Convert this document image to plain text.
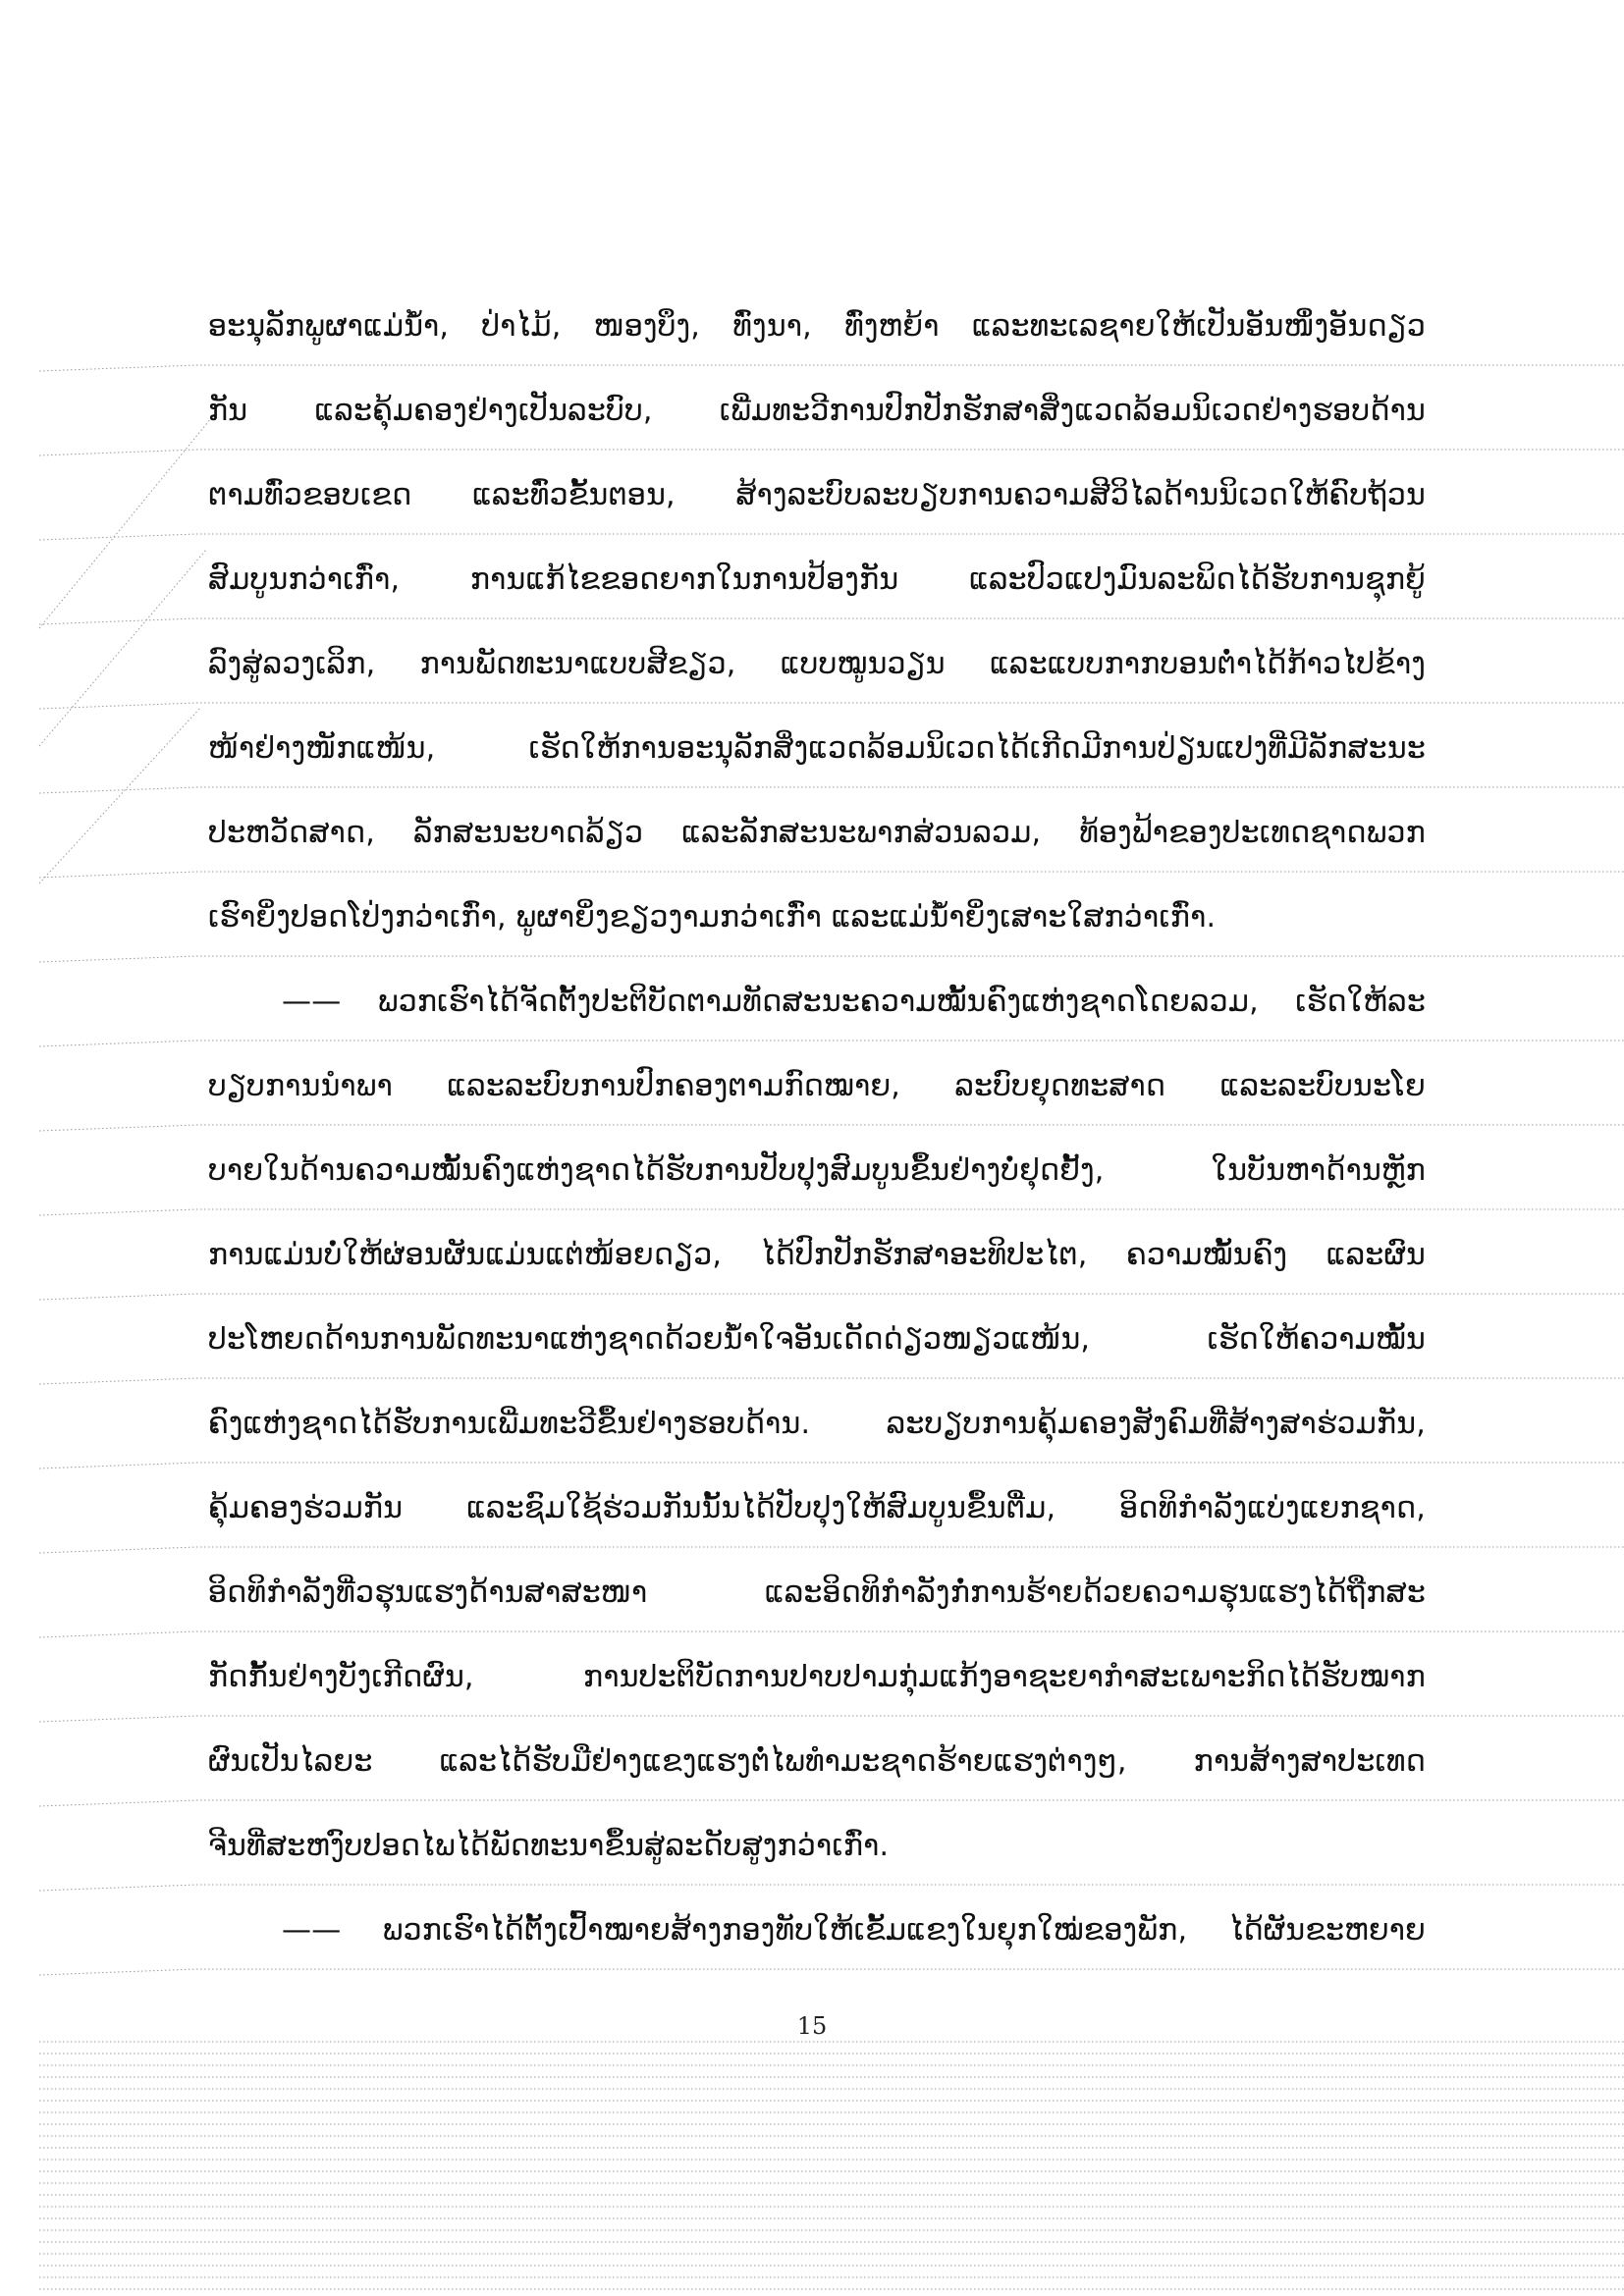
ອະນຸລັກພູຜາແມ່ນ້ຳ, ປ່າໄມ້, ໜອງບຶງ, ທົ່ງນາ, ທົ່ງຫຍ້າ ແລະທະເລຊາຍໃຫ້ເປັນອັນໜຶ່ງອັນດຽວ
ກັນ ແລະຄຸ້ມຄອງຢ່າງເປັນລະບົບ, ເພີ່ມທະວີການປົກປັກຮັກສາສິ່ງແວດລ້ອມນິເວດຢ່າງຮອບດ້ານ
ຕາມທົ່ວຂອບເຂດ ແລະທົ່ວຂັ້ນຕອນ, ສ້າງລະບົບລະບຽບການຄວາມສີວິໄລດ້ານນິເວດໃຫ້ຄົບຖ້ວນ
ສົມບູນກວ່າເກົ່າ, ການແກ້ໄຂຂອດຍາກໃນການປ້ອງກັນ ແລະປົວແປງມົນລະພິດໄດ້ຮັບການຊຸກຍູ້
ລົງສູ່ລວງເລິກ, ການພັດທະນາແບບສີຂຽວ, ແບບໝູນວຽນ ແລະແບບກາກບອນຕ່ຳໄດ້ກ້າວໄປຂ້າງ
ໜ້າຢ່າງໜັກແໜ້ນ, ເຮັດໃຫ້ການອະນຸລັກສິ່ງແວດລ້ອມນິເວດໄດ້ເກີດມີການປ່ຽນແປງທີ່ມີລັກສະນະ
ປະຫວັດສາດ, ລັກສະນະບາດລ້ຽວ ແລະລັກສະນະພາກສ່ວນລວມ, ທ້ອງຟ້າຂອງປະເທດຊາດພວກ
ເຮົາຍິ່ງປອດໂປ່ງກວ່າເກົ່າ, ພູຜາຍິ່ງຂຽວງາມກວ່າເກົ່າ ແລະແມ່ນ້ຳຍິ່ງເສາະໃສກວ່າເກົ່າ.
—— ພວກເຮົາໄດ້ຈັດຕັ້ງປະຕິບັດຕາມທັດສະນະຄວາມໝັ້ນຄົງແຫ່ງຊາດໂດຍລວມ, ເຮັດໃຫ້ລະ
ບຽບການນຳພາ ແລະລະບົບການປົກຄອງຕາມກົດໝາຍ, ລະບົບຍຸດທະສາດ ແລະລະບົບນະໂຍ
ບາຍໃນດ້ານຄວາມໝັ້ນຄົງແຫ່ງຊາດໄດ້ຮັບການປັບປຸງສົມບູນຂຶ້ນຢ່າງບໍ່ຢຸດຢັ້ງ, ໃນບັນຫາດ້ານຫຼັກ
ການແມ່ນບໍ່ໃຫ້ຜ່ອນຜັນແມ່ນແຕ່ໜ້ອຍດຽວ, ໄດ້ປົກປັກຮັກສາອະທິປະໄຕ, ຄວາມໝັ້ນຄົງ ແລະຜົນ
ປະໂຫຍດດ້ານການພັດທະນາແຫ່ງຊາດດ້ວຍນ້ຳໃຈອັນເດັດດ່ຽວໜຽວແໜ້ນ, ເຮັດໃຫ້ຄວາມໝັ້ນ
ຄົງແຫ່ງຊາດໄດ້ຮັບການເພີ່ມທະວີຂຶ້ນຢ່າງຮອບດ້ານ. ລະບຽບການຄຸ້ມຄອງສັງຄົມທີ່ສ້າງສາຮ່ວມກັນ,
ຄຸ້ມຄອງຮ່ວມກັນ ແລະຊົມໃຊ້ຮ່ວມກັນນັ້ນໄດ້ປັບປຸງໃຫ້ສົມບູນຂຶ້ນຕື່ມ, ອິດທິກຳລັງແບ່ງແຍກຊາດ,
ອິດທິກຳລັງທີ່ວຮຸນແຮງດ້ານສາສະໜາ ແລະອິດທິກຳລັງກໍ່ການຮ້າຍດ້ວຍຄວາມຮຸນແຮງໄດ້ຖືກສະ
ກັດກັ້ນຢ່າງບັງເກີດຜົນ, ການປະຕິບັດການປາບປາມກຸ່ມແກ້ງອາຊະຍາກຳສະເພາະກິດໄດ້ຮັບໝາກ
ຜົນເປັນໄລຍະ ແລະໄດ້ຮັບມືຢ່າງແຂງແຮງຕໍ່ໄພທຳມະຊາດຮ້າຍແຮງຕ່າງໆ, ການສ້າງສາປະເທດ
ຈີນທີ່ສະຫງົບປອດໄພໄດ້ພັດທະນາຂຶ້ນສູ່ລະດັບສູງກວ່າເກົ່າ.
—— ພວກເຮົາໄດ້ຕັ້ງເປົ້າໝາຍສ້າງກອງທັບໃຫ້ເຂັ້ມແຂງໃນຍຸກໃໝ່ຂອງພັກ, ໄດ້ຜັນຂະຫຍາຍ
15
